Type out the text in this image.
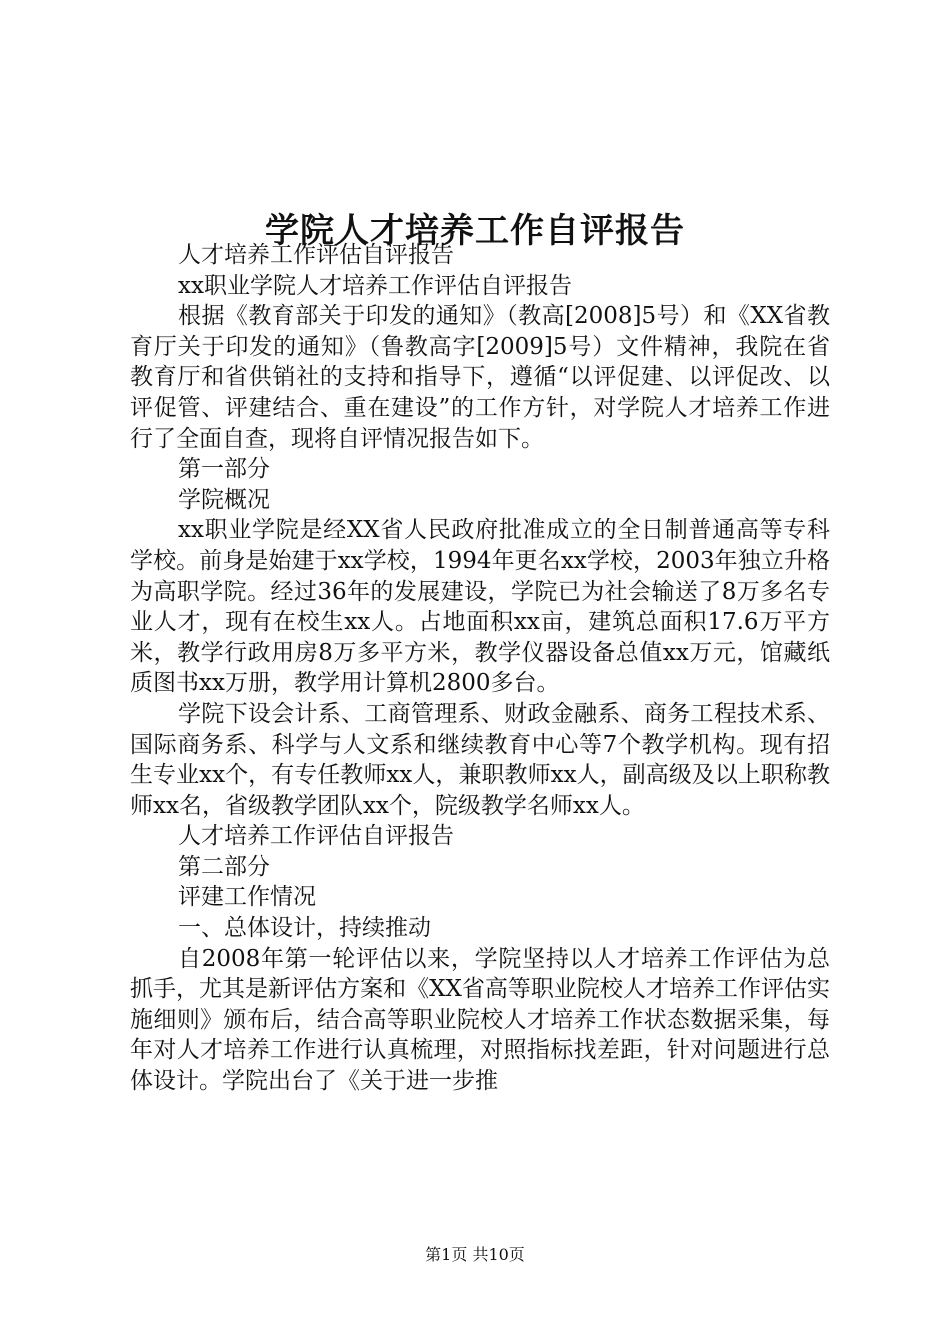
学院人才培养工作自评报告

人才培养工作评估自评报告

xx职业学院人才培养工作评估自评报告

根据《教育部关于印发的通知》（教高[2008]5号）和《XX省教育厅关于印发的通知》（鲁教高字[2009]5号）文件精神，我院在省教育厅和省供销社的支持和指导下，遵循“以评促建、以评促改、以评促管、评建结合、重在建设”的工作方针，对学院人才培养工作进行了全面自查，现将自评情况报告如下。

第一部分

学院概况

xx职业学院是经XX省人民政府批准成立的全日制普通高等专科学校。前身是始建于xx学校，1994年更名xx学校，2003年独立升格为高职学院。经过36年的发展建设，学院已为社会输送了8万多名专业人才，现有在校生xx人。占地面积xx亩，建筑总面积17.6万平方米，教学行政用房8万多平方米，教学仪器设备总值xx万元，馆藏纸质图书xx万册，教学用计算机2800多台。

学院下设会计系、工商管理系、财政金融系、商务工程技术系、国际商务系、科学与人文系和继续教育中心等7个教学机构。现有招生专业xx个，有专任教师xx人，兼职教师xx人，副高级及以上职称教师xx名，省级教学团队xx个，院级教学名师xx人。

人才培养工作评估自评报告

第二部分

评建工作情况

一、总体设计，持续推动

自2008年第一轮评估以来，学院坚持以人才培养工作评估为总抓手，尤其是新评估方案和《XX省高等职业院校人才培养工作评估实施细则》颁布后，结合高等职业院校人才培养工作状态数据采集，每年对人才培养工作进行认真梳理，对照指标找差距，针对问题进行总体设计。学院出台了《关于进一步推

第1页 共10页
